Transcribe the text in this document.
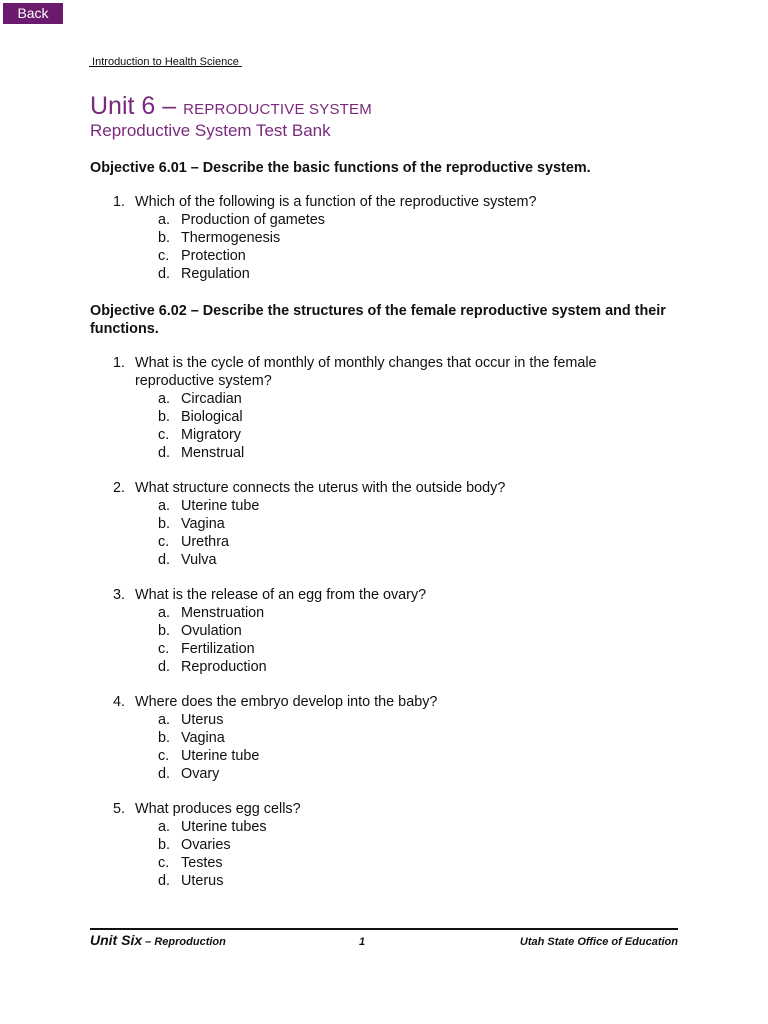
Back
Introduction to Health Science
Unit 6 – REPRODUCTIVE SYSTEM
Reproductive System Test Bank
Objective 6.01 – Describe the basic functions of the reproductive system.
1. Which of the following is a function of the reproductive system?
a. Production of gametes
b. Thermogenesis
c. Protection
d. Regulation
Objective 6.02 – Describe the structures of the female reproductive system and their functions.
1. What is the cycle of monthly of monthly changes that occur in the female reproductive system?
a. Circadian
b. Biological
c. Migratory
d. Menstrual
2. What structure connects the uterus with the outside body?
a. Uterine tube
b. Vagina
c. Urethra
d. Vulva
3. What is the release of an egg from the ovary?
a. Menstruation
b. Ovulation
c. Fertilization
d. Reproduction
4. Where does the embryo develop into the baby?
a. Uterus
b. Vagina
c. Uterine tube
d. Ovary
5. What produces egg cells?
a. Uterine tubes
b. Ovaries
c. Testes
d. Uterus
Unit Six – Reproduction	1	Utah State Office of Education
